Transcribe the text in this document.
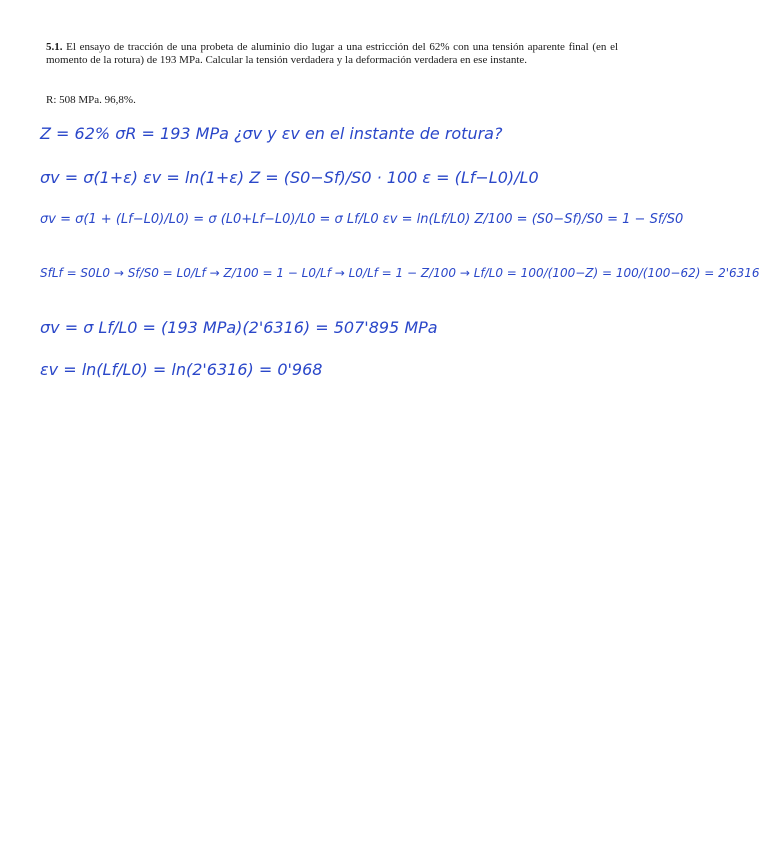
5.1. El ensayo de tracción de una probeta de aluminio dio lugar a una estricción del 62% con una tensión aparente final (en el momento de la rotura) de 193 MPa. Calcular la tensión verdadera y la deformación verdadera en ese instante.
R: 508 MPa. 96,8%.
Z = 62% σR = 193 MPa ¿σv y εv en el instante de rotura?
σv = σ(1+ε) εv = ln(1+ε) Z = (S0−Sf)/S0 · 100 ε = (Lf−L0)/L0
σv = σ(1 + (Lf−L0)/L0) = σ (L0+Lf−L0)/L0 = σ Lf/L0 εv = ln(Lf/L0) Z/100 = (S0−Sf)/S0 = 1 − Sf/S0
SfLf = S0L0 → Sf/S0 = L0/Lf → Z/100 = 1 − L0/Lf → L0/Lf = 1 − Z/100 → Lf/L0 = 100/(100−Z) = 100/(100−62) = 2'6316
σv = σ Lf/L0 = (193 MPa)(2'6316) = 507'895 MPa
εv = ln(Lf/L0) = ln(2'6316) = 0'968
